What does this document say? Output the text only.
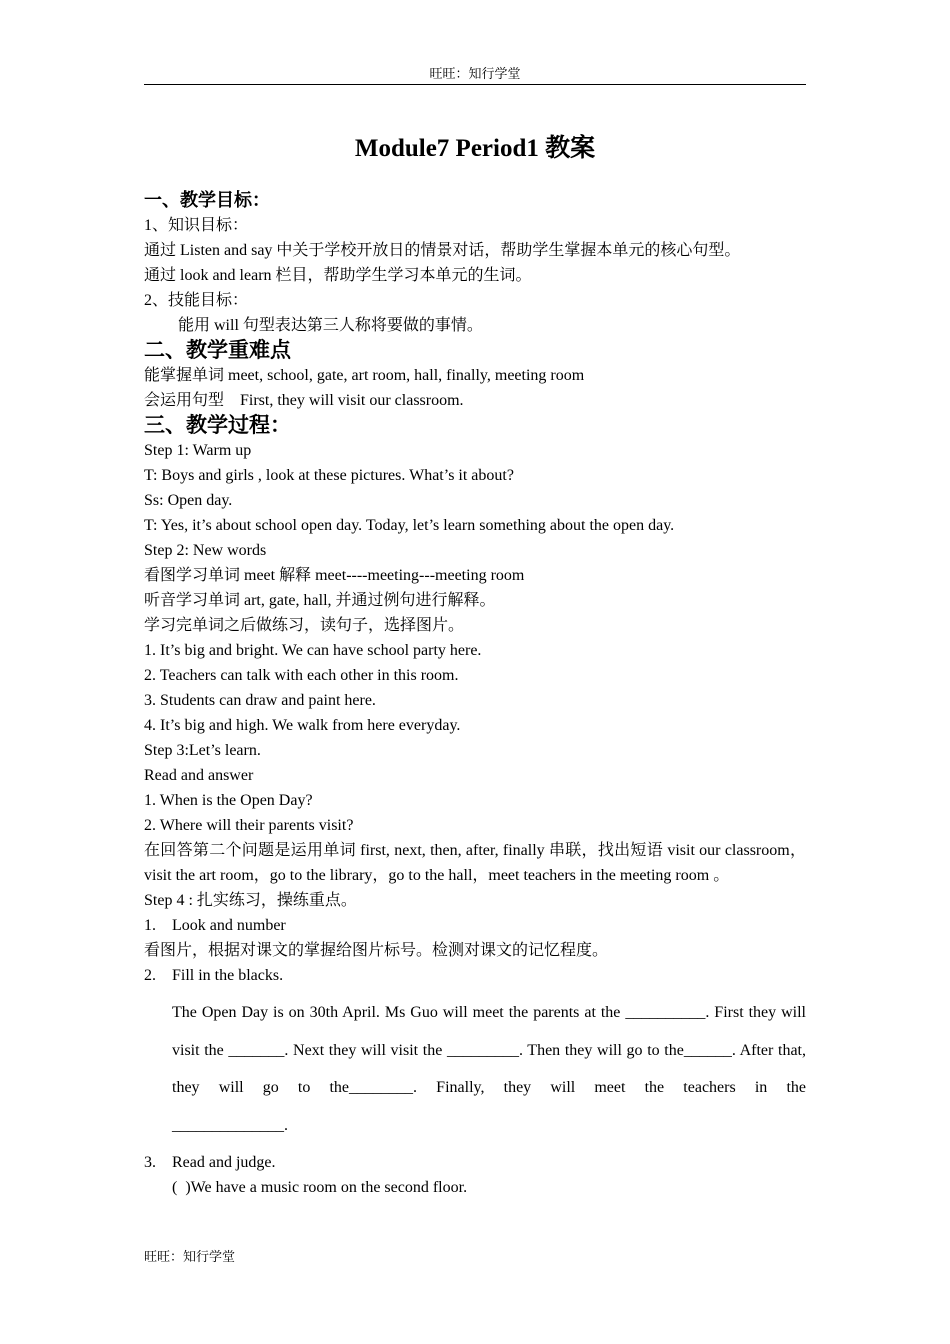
旺旺：知行学堂
Module7 Period1 教案
一、教学目标：
1、知识目标：
通过 Listen and say 中关于学校开放日的情景对话，帮助学生掌握本单元的核心句型。
通过 look and learn 栏目，帮助学生学习本单元的生词。
2、技能目标：
能用 will 句型表达第三人称将要做的事情。
二、教学重难点
能掌握单词 meet, school, gate, art room, hall, finally, meeting room
会运用句型    First, they will visit our classroom.
三、教学过程：
Step 1: Warm up
T: Boys and girls , look at these pictures. What’s it about?
Ss: Open day.
T: Yes, it’s about school open day. Today, let’s learn something about the open day.
Step 2: New words
看图学习单词 meet 解释 meet----meeting---meeting room
听音学习单词 art, gate, hall, 并通过例句进行解释。
学习完单词之后做练习，读句子，选择图片。
1. It’s big and bright. We can have school party here.
2. Teachers can talk with each other in this room.
3. Students can draw and paint here.
4. It’s big and high. We walk from here everyday.
Step 3:Let’s learn.
Read and answer
1. When is the Open Day?
2. Where will their parents visit?
在回答第二个问题是运用单词 first, next, then, after, finally 串联，找出短语 visit our classroom，visit the art room，go to the library，go to the hall，meet teachers in the meeting room 。
Step 4 : 扎实练习，操练重点。
1. Look and number
看图片，根据对课文的掌握给图片标号。检测对课文的记忆程度。
2. Fill in the blacks.
The Open Day is on 30th April. Ms Guo will meet the parents at the __________. First they will visit the _______. Next they will visit the _________. Then they will go to the______. After that, they will go to the________. Finally, they will meet the teachers in the
______________.
3. Read and judge.
(  )We have a music room on the second floor.
旺旺：知行学堂
